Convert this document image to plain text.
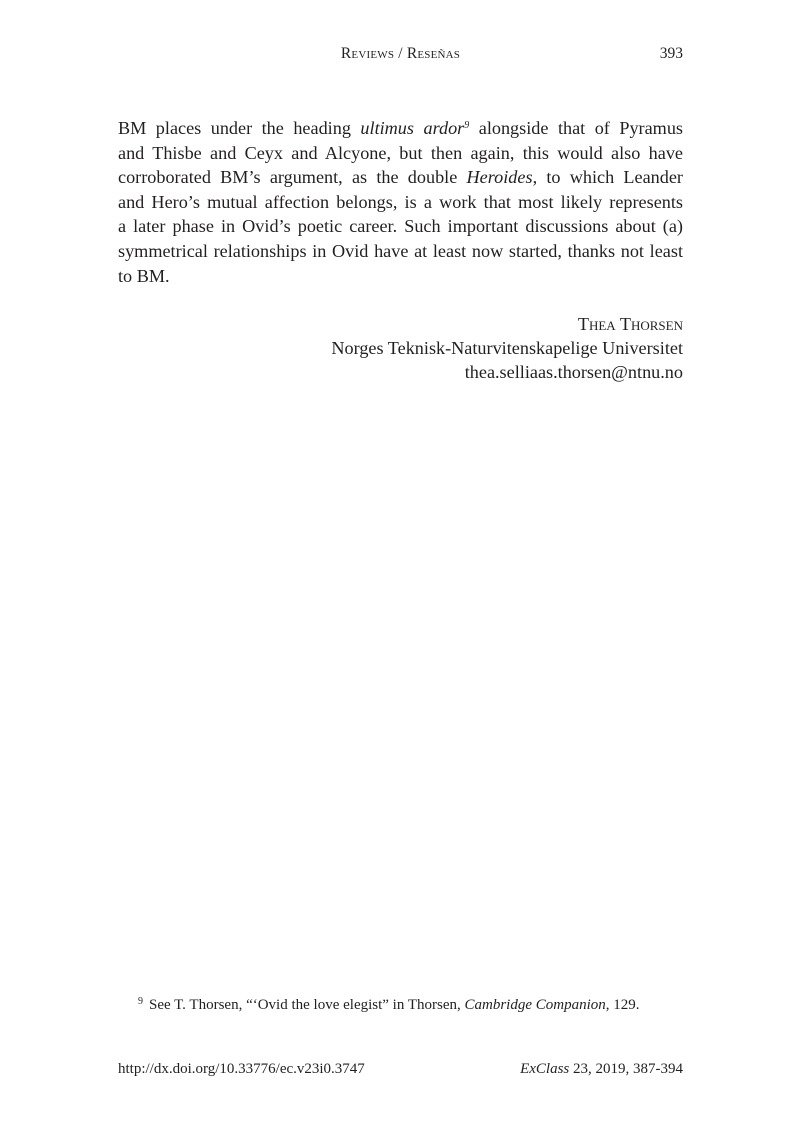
Reviews / Reseñas	393
BM places under the heading ultimus ardor$^9$ alongside that of Pyramus
and Thisbe and Ceyx and Alcyone, but then again, this would also have
corroborated BM’s argument, as the double Heroides, to which Leander
and Hero’s mutual affection belongs, is a work that most likely represents
a later phase in Ovid’s poetic career. Such important discussions about (a)
symmetrical relationships in Ovid have at least now started, thanks not least
to BM.
Thea Thorsen
Norges Teknisk-Naturvitenskapelige Universitet
thea.selliaas.thorsen@ntnu.no
$^9$ See T. Thorsen, “‘Ovid the love elegist” in Thorsen, Cambridge Companion, 129.
http://dx.doi.org/10.33776/ec.v23i0.3747	ExClass 23, 2019, 387-394
